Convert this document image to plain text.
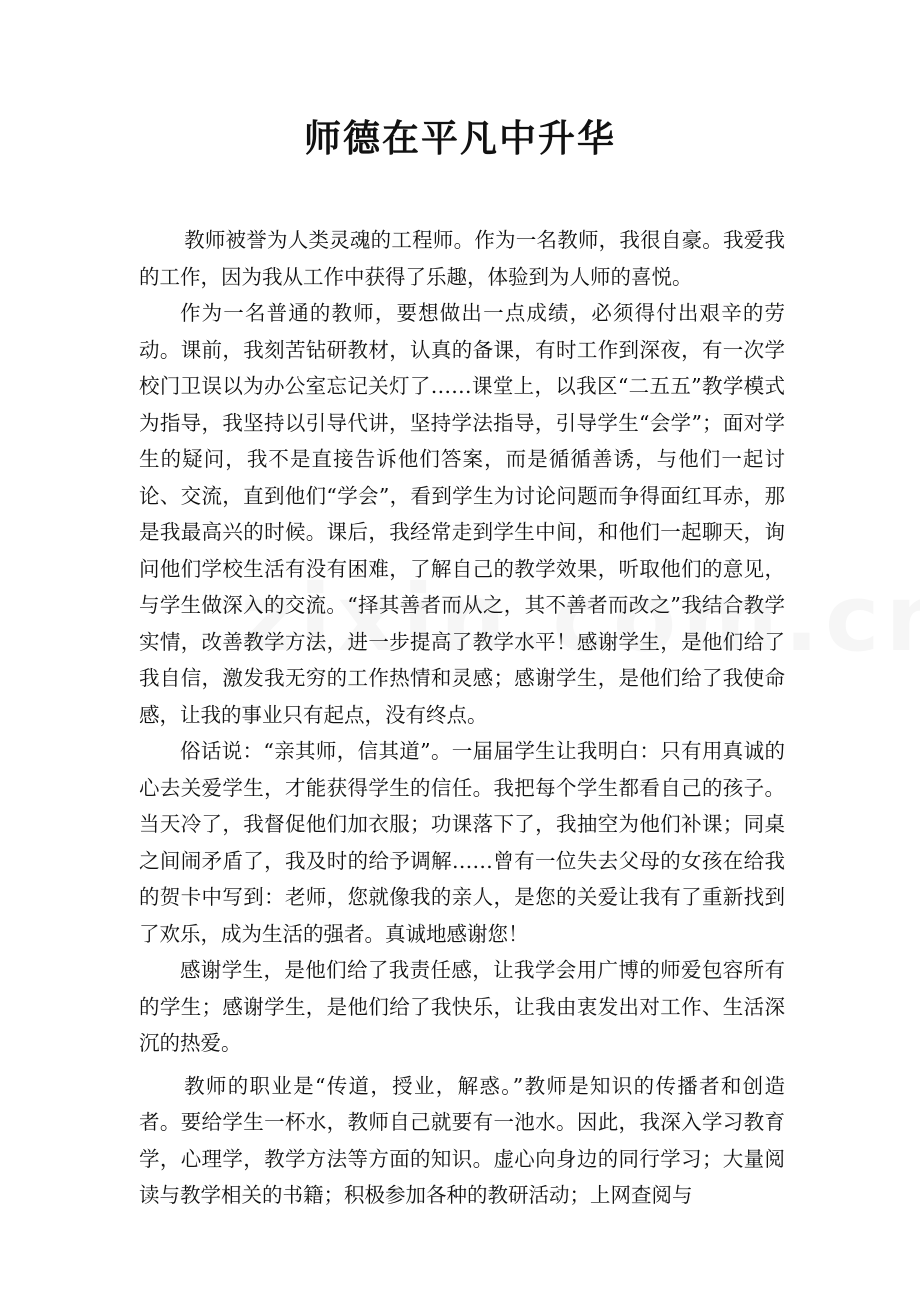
师德在平凡中升华

教师被誉为人类灵魂的工程师。作为一名教师，我很自豪。我爱我的工作，因为我从工作中获得了乐趣，体验到为人师的喜悦。

作为一名普通的教师，要想做出一点成绩，必须得付出艰辛的劳动。课前，我刻苦钻研教材，认真的备课，有时工作到深夜，有一次学校门卫误以为办公室忘记关灯了……课堂上，以我区“二五五”教学模式为指导，我坚持以引导代讲，坚持学法指导，引导学生“会学”；面对学生的疑问，我不是直接告诉他们答案，而是循循善诱，与他们一起讨论、交流，直到他们“学会”，看到学生为讨论问题而争得面红耳赤，那是我最高兴的时候。课后，我经常走到学生中间，和他们一起聊天，询问他们学校生活有没有困难，了解自己的教学效果，听取他们的意见，与学生做深入的交流。“择其善者而从之，其不善者而改之”我结合教学实情，改善教学方法，进一步提高了教学水平！感谢学生，是他们给了我自信，激发我无穷的工作热情和灵感；感谢学生，是他们给了我使命感，让我的事业只有起点，没有终点。

俗话说：“亲其师，信其道”。一届届学生让我明白：只有用真诚的心去关爱学生，才能获得学生的信任。我把每个学生都看自己的孩子。当天冷了，我督促他们加衣服；功课落下了，我抽空为他们补课；同桌之间闹矛盾了，我及时的给予调解……曾有一位失去父母的女孩在给我的贺卡中写到：老师，您就像我的亲人，是您的关爱让我有了重新找到了欢乐，成为生活的强者。真诚地感谢您！

感谢学生，是他们给了我责任感，让我学会用广博的师爱包容所有的学生；感谢学生，是他们给了我快乐，让我由衷发出对工作、生活深沉的热爱。

教师的职业是“传道，授业，解惑。”教师是知识的传播者和创造者。要给学生一杯水，教师自己就要有一池水。因此，我深入学习教育学，心理学，教学方法等方面的知识。虚心向身边的同行学习；大量阅读与教学相关的书籍；积极参加各种的教研活动；上网查阅与
